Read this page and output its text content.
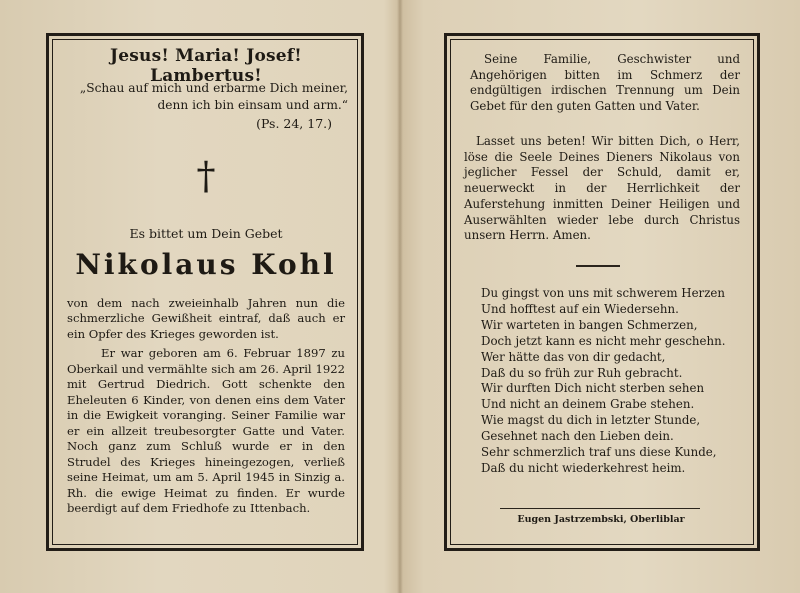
Jesus! Maria! Josef! Lambertus!
„Schau auf mich und erbarme Dich meiner, denn ich bin einsam und arm.“
(Ps. 24, 17.)
†
Es bittet um Dein Gebet
Nikolaus Kohl
von dem nach zweieinhalb Jahren nun die schmerzliche Gewißheit eintraf, daß auch er ein Opfer des Krieges geworden ist.
Er war geboren am 6. Februar 1897 zu Oberkail und vermählte sich am 26. April 1922 mit Gertrud Diedrich. Gott schenkte den Eheleuten 6 Kinder, von denen eins dem Vater in die Ewigkeit voranging. Seiner Familie war er ein allzeit treubesorgter Gatte und Vater. Noch ganz zum Schluß wurde er in den Strudel des Krieges hineingezogen, verließ seine Heimat, um am 5. April 1945 in Sinzig a. Rh. die ewige Heimat zu finden. Er wurde beerdigt auf dem Friedhofe zu Ittenbach.
Seine Familie, Geschwister und Angehörigen bitten im Schmerz der endgültigen irdischen Trennung um Dein Gebet für den guten Gatten und Vater.
Lasset uns beten! Wir bitten Dich, o Herr, löse die Seele Deines Dieners Nikolaus von jeglicher Fessel der Schuld, damit er, neuerweckt in der Herrlichkeit der Auferstehung inmitten Deiner Heiligen und Auserwählten wieder lebe durch Christus unsern Herrn. Amen.
Du gingst von uns mit schwerem Herzen
Und hofftest auf ein Wiedersehn.
Wir warteten in bangen Schmerzen,
Doch jetzt kann es nicht mehr geschehn.
Wer hätte das von dir gedacht,
Daß du so früh zur Ruh gebracht.
Wir durften Dich nicht sterben sehen
Und nicht an deinem Grabe stehen.
Wie magst du dich in letzter Stunde,
Gesehnet nach den Lieben dein.
Sehr schmerzlich traf uns diese Kunde,
Daß du nicht wiederkehrest heim.
Eugen Jastrzembski, Oberliblar
